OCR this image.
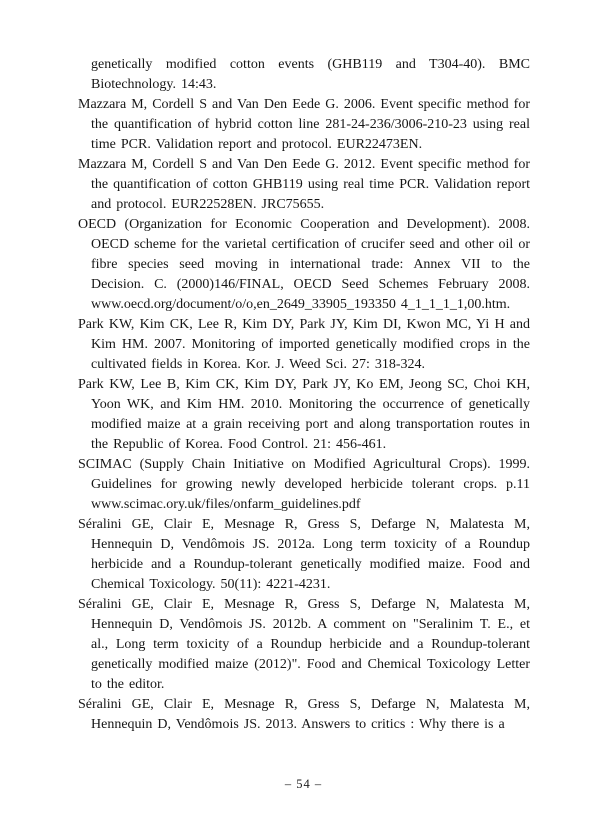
genetically modified cotton events (GHB119 and T304-40). BMC Biotechnology. 14:43.

Mazzara M, Cordell S and Van Den Eede G. 2006. Event specific method for the quantification of hybrid cotton line 281-24-236/3006-210-23 using real time PCR. Validation report and protocol. EUR22473EN.

Mazzara M, Cordell S and Van Den Eede G. 2012. Event specific method for the quantification of cotton GHB119 using real time PCR. Validation report and protocol. EUR22528EN. JRC75655.

OECD (Organization for Economic Cooperation and Development). 2008. OECD scheme for the varietal certification of crucifer seed and other oil or fibre species seed moving in international trade: Annex VII to the Decision. C. (2000)146/FINAL, OECD Seed Schemes February 2008. www.oecd.org/document/o/o,en_2649_33905_193350 4_1_1_1_1,00.htm.

Park KW, Kim CK, Lee R, Kim DY, Park JY, Kim DI, Kwon MC, Yi H and Kim HM. 2007. Monitoring of imported genetically modified crops in the cultivated fields in Korea. Kor. J. Weed Sci. 27: 318-324.

Park KW, Lee B, Kim CK, Kim DY, Park JY, Ko EM, Jeong SC, Choi KH, Yoon WK, and Kim HM. 2010. Monitoring the occurrence of genetically modified maize at a grain receiving port and along transportation routes in the Republic of Korea. Food Control. 21: 456-461.

SCIMAC (Supply Chain Initiative on Modified Agricultural Crops). 1999. Guidelines for growing newly developed herbicide tolerant crops. p.11 www.scimac.ory.uk/files/onfarm_guidelines.pdf

Séralini GE, Clair E, Mesnage R, Gress S, Defarge N, Malatesta M, Hennequin D, Vendômois JS. 2012a. Long term toxicity of a Roundup herbicide and a Roundup-tolerant genetically modified maize. Food and Chemical Toxicology. 50(11): 4221-4231.

Séralini GE, Clair E, Mesnage R, Gress S, Defarge N, Malatesta M, Hennequin D, Vendômois JS. 2012b. A comment on "Seralinim T. E., et al., Long term toxicity of a Roundup herbicide and a Roundup-tolerant genetically modified maize (2012)". Food and Chemical Toxicology Letter to the editor.

Séralini GE, Clair E, Mesnage R, Gress S, Defarge N, Malatesta M, Hennequin D, Vendômois JS. 2013. Answers to critics : Why there is a

– 54 –
